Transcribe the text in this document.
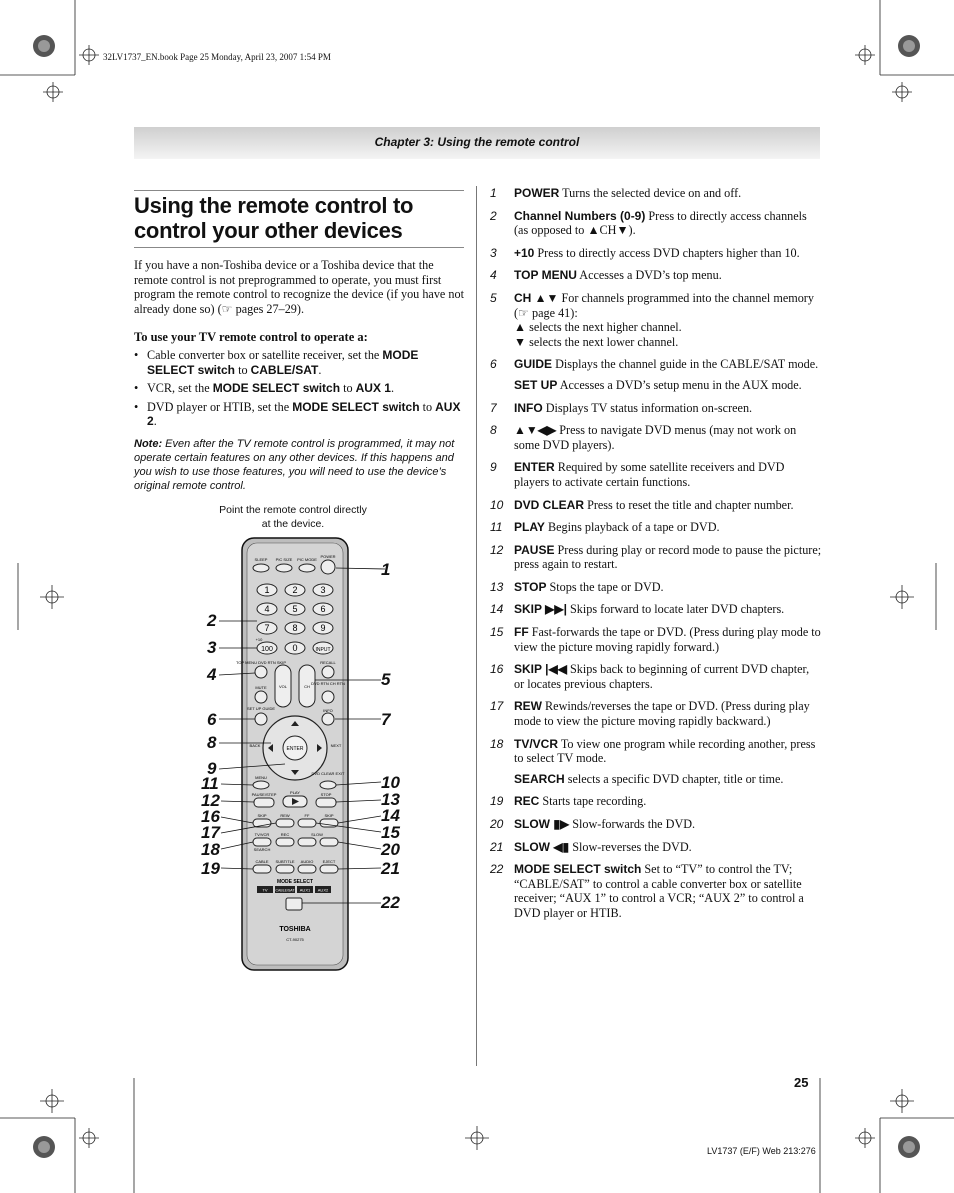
32LV1737_EN.book Page 25 Monday, April 23, 2007 1:54 PM
Chapter 3: Using the remote control
Using the remote control to control your other devices
If you have a non-Toshiba device or a Toshiba device that the remote control is not preprogrammed to operate, you must first program the remote control to recognize the device (if you have not already done so) (☞ pages 27–29).
To use your TV remote control to operate a:
• Cable converter box or satellite receiver, set the MODE SELECT switch to CABLE/SAT.
• VCR, set the MODE SELECT switch to AUX 1.
• DVD player or HTIB, set the MODE SELECT switch to AUX 2.
Note: Even after the TV remote control is programmed, it may not operate certain features on any other devices. If this happens and you wish to use those features, you will need to use the device’s original remote control.
Point the remote control directly at the device.
SLEEP PIC SIZE PIC MODE
POWER
1	2	3
4	5	6
7	8	9
+10
100 0	INPUT
TOP MENU DVD RTN SKIP	RECALL
VOL	CH
MUTE
DVD RTN CH RTN
SET UP GUIDE	INFO
ENTER
BACK	NEXT
MENU
DVD CLEAR EXIT
PAUSE/STEP	PLAY	STOP
SKIP	REW	FF	SKIP
TV/VCR	REC	SLOW
SEARCH
CABLE SUBTITLE AUDIO EJECT
MODE SELECT
TV CABLE/SAT AUX1 AUX2
TOSHIBA
CT-90275
2
3
4
6
8
9
11
12
16
17
18
19
1
5
7
10
13
14
15
20
21
22
1 POWER Turns the selected device on and off.
2 Channel Numbers (0-9) Press to directly access channels (as opposed to ▲CH▼).
3 +10 Press to directly access DVD chapters higher than 10.
4 TOP MENU Accesses a DVD’s top menu.
5 CH ▲▼ For channels programmed into the channel memory (☞ page 41):
▲ selects the next higher channel.
▼ selects the next lower channel.
6 GUIDE Displays the channel guide in the CABLE/SAT mode.
SET UP Accesses a DVD’s setup menu in the AUX mode.
7 INFO Displays TV status information on-screen.
8 ▲▼◀▶ Press to navigate DVD menus (may not work on some DVD players).
9 ENTER Required by some satellite receivers and DVD players to activate certain functions.
10 DVD CLEAR Press to reset the title and chapter number.
11 PLAY Begins playback of a tape or DVD.
12 PAUSE Press during play or record mode to pause the picture; press again to restart.
13 STOP Stops the tape or DVD.
14 SKIP ▶▶| Skips forward to locate later DVD chapters.
15 FF Fast-forwards the tape or DVD. (Press during play mode to view the picture moving rapidly forward.)
16 SKIP |◀◀ Skips back to beginning of current DVD chapter, or locates previous chapters.
17 REW Rewinds/reverses the tape or DVD. (Press during play mode to view the picture moving rapidly backward.)
18 TV/VCR To view one program while recording another, press to select TV mode.
SEARCH selects a specific DVD chapter, title or time.
19 REC Starts tape recording.
20 SLOW ▮▶ Slow-forwards the DVD.
21 SLOW ◀▮ Slow-reverses the DVD.
22 MODE SELECT switch Set to “TV” to control the TV; “CABLE/SAT” to control a cable converter box or satellite receiver; “AUX 1” to control a VCR; “AUX 2” to control a DVD player or HTIB.
25
LV1737 (E/F) Web 213:276
